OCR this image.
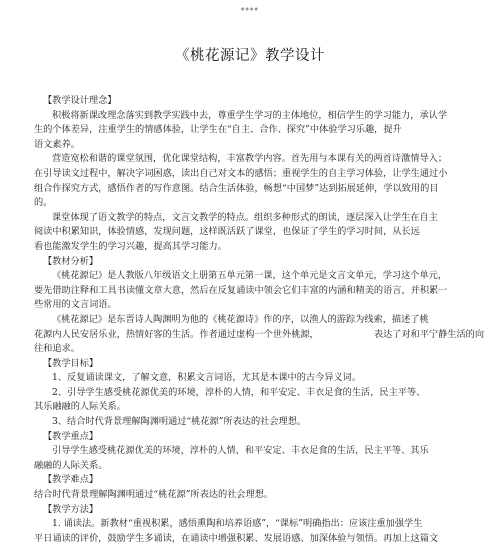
●●●●
《桃花源记》教学设计

【教学设计理念】

积极将新课改理念落实到教学实践中去，尊重学生学习的主体地位，相信学生的学习能力，承认学

生的个体差异，注重学生的情感体验，让学生在“自主、合作、探究”中体验学习乐趣，提升

语文素养。

营造宽松和谐的课堂氛围，优化课堂结构，丰富教学内容。首先用与本课有关的两首诗激情导入；

在引导读文过程中，解决字词困惑，读出自己对文本的感悟；重视学生的自主学习体验，让学生通过小

组合作探究方式，感悟作者的写作意图。结合生活体验，畅想“中国梦”达到拓展延伸，学以致用的目

的。

课堂体现了语文教学的特点，文言文教学的特点。组织多种形式的朗读，逐层深入让学生在自主

阅读中积累知识，体验情感，发现问题，这样既活跃了课堂，也保证了学生的学习时间，从长远

看也能激发学生的学习兴趣，提高其学习能力。

【教材分析】

《桃花源记》是人教版八年级语文上册第五单元第一课，这个单元是文言文单元，学习这个单元，

要先借助注释和工具书读懂文章大意，然后在反复诵读中领会它们丰富的内涵和精美的语言，并积累一

些常用的文言词语。

《桃花源记》是东晋诗人陶渊明为他的《桃花源诗》作的序，以渔人的游踪为线索，描述了桃

花源内人民安居乐业，热情好客的生活。作者通过虚构一个世外桃源，	表达了对和平宁静生活的向

往和追求。

【教学目标】

1、反复诵读课文，了解文意，积累文言词语，尤其是本课中的古今异义词。

2、引导学生感受桃花源优美的环境，淳朴的人情，和平安定、丰衣足食的生活，民主平等、

其乐融融的人际关系。

3、结合时代背景理解陶渊明通过“桃花源”所表达的社会理想。

【教学重点】

引导学生感受桃花源优美的环境，淳朴的人情，和平安定、丰衣足食的生活，民主平等、其乐

融融的人际关系。

【教学难点】

结合时代背景理解陶渊明通过“桃花源”所表达的社会理想。

【教学方法】

1. 诵读法。新教材“重视积累，感悟熏陶和培养语感”，“课标”明确指出：应该注重加强学生

平日诵读的评价，鼓励学生多诵读，在诵读中增强积累、发展语感、加深体验与领悟。再加上这篇文
